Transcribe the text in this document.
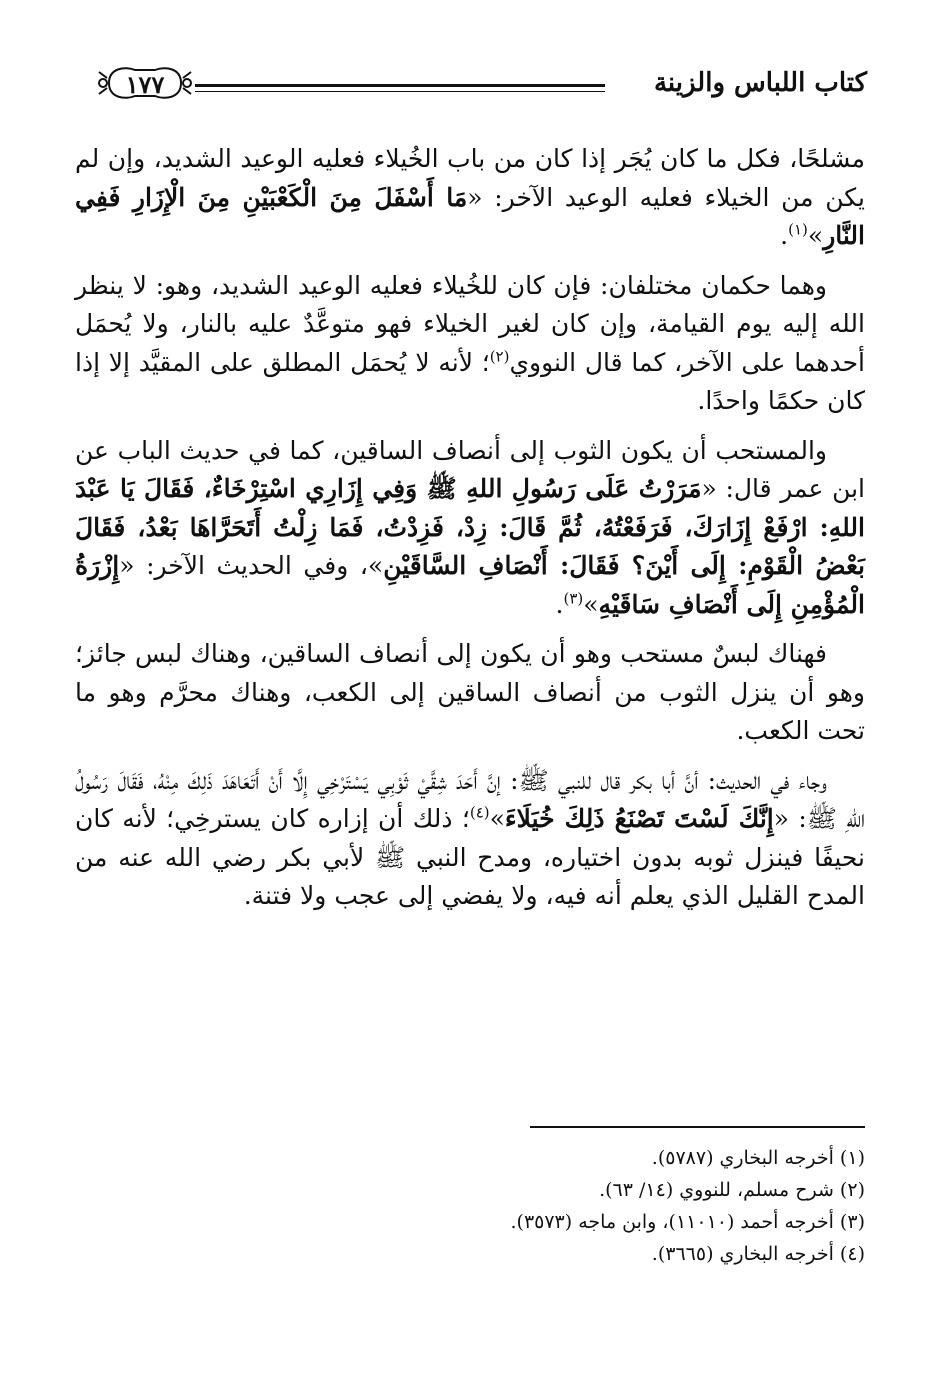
كتاب اللباس والزينة
١٧٧

مشلحًا، فكل ما كان يُجَر إذا كان من باب الخُيلاء فعليه الوعيد الشديد، وإن لم يكن من الخيلاء فعليه الوعيد الآخر: «مَا أَسْفَلَ مِنَ الْكَعْبَيْنِ مِنَ الْإِزَارِ فَفِي النَّارِ»$^{(١)}$.

وهما حكمان مختلفان: فإن كان للخُيلاء فعليه الوعيد الشديد، وهو: لا ينظر الله إليه يوم القيامة، وإن كان لغير الخيلاء فهو متوعَّدٌ عليه بالنار، ولا يُحمَل أحدهما على الآخر، كما قال النووي$^{(٢)}$؛ لأنه لا يُحمَل المطلق على المقيَّد إلا إذا كان حكمًا واحدًا.

والمستحب أن يكون الثوب إلى أنصاف الساقين، كما في حديث الباب عن ابن عمر قال: «مَرَرْتُ عَلَى رَسُولِ اللهِ ﷺ وَفِي إِزَارِي اسْتِرْخَاءٌ، فَقَالَ يَا عَبْدَ اللهِ: ارْفَعْ إِزَارَكَ، فَرَفَعْتُهُ، ثُمَّ قَالَ: زِدْ، فَزِدْتُ، فَمَا زِلْتُ أَتَحَرَّاهَا بَعْدُ، فَقَالَ بَعْضُ الْقَوْمِ: إِلَى أَيْنَ؟ فَقَالَ: أَنْصَافِ السَّاقَيْنِ»، وفي الحديث الآخر: «إِزْرَةُ الْمُؤْمِنِ إِلَى أَنْصَافِ سَاقَيْهِ»$^{(٣)}$.

فهناك لبسٌ مستحب وهو أن يكون إلى أنصاف الساقين، وهناك لبس جائز؛ وهو أن ينزل الثوب من أنصاف الساقين إلى الكعب، وهناك محرَّم وهو ما تحت الكعب.

وجاء في الحديث: أنَّ أبا بكر قال للنبي ﷺ: إنَّ أَحَدَ شِقَّيْ ثَوْبِي يَسْتَرْخِي إِلَّا أَنْ أَتَعَاهَدَ ذَلِكَ مِنْهُ، فَقَالَ رَسُولُ اللهِ ﷺ: «إِنَّكَ لَسْتَ تَصْنَعُ ذَلِكَ خُيَلَاءَ»$^{(٤)}$؛ ذلك أن إزاره كان يسترخِي؛ لأنه كان نحيفًا فينزل ثوبه بدون اختياره، ومدح النبي ﷺ لأبي بكر رضي الله عنه من المدح القليل الذي يعلم أنه فيه، ولا يفضي إلى عجب ولا فتنة.

(١) أخرجه البخاري (٥٧٨٧).
(٢) شرح مسلم، للنووي (١٤/ ٦٣).
(٣) أخرجه أحمد (١١٠١٠)، وابن ماجه (٣٥٧٣).
(٤) أخرجه البخاري (٣٦٦٥).
